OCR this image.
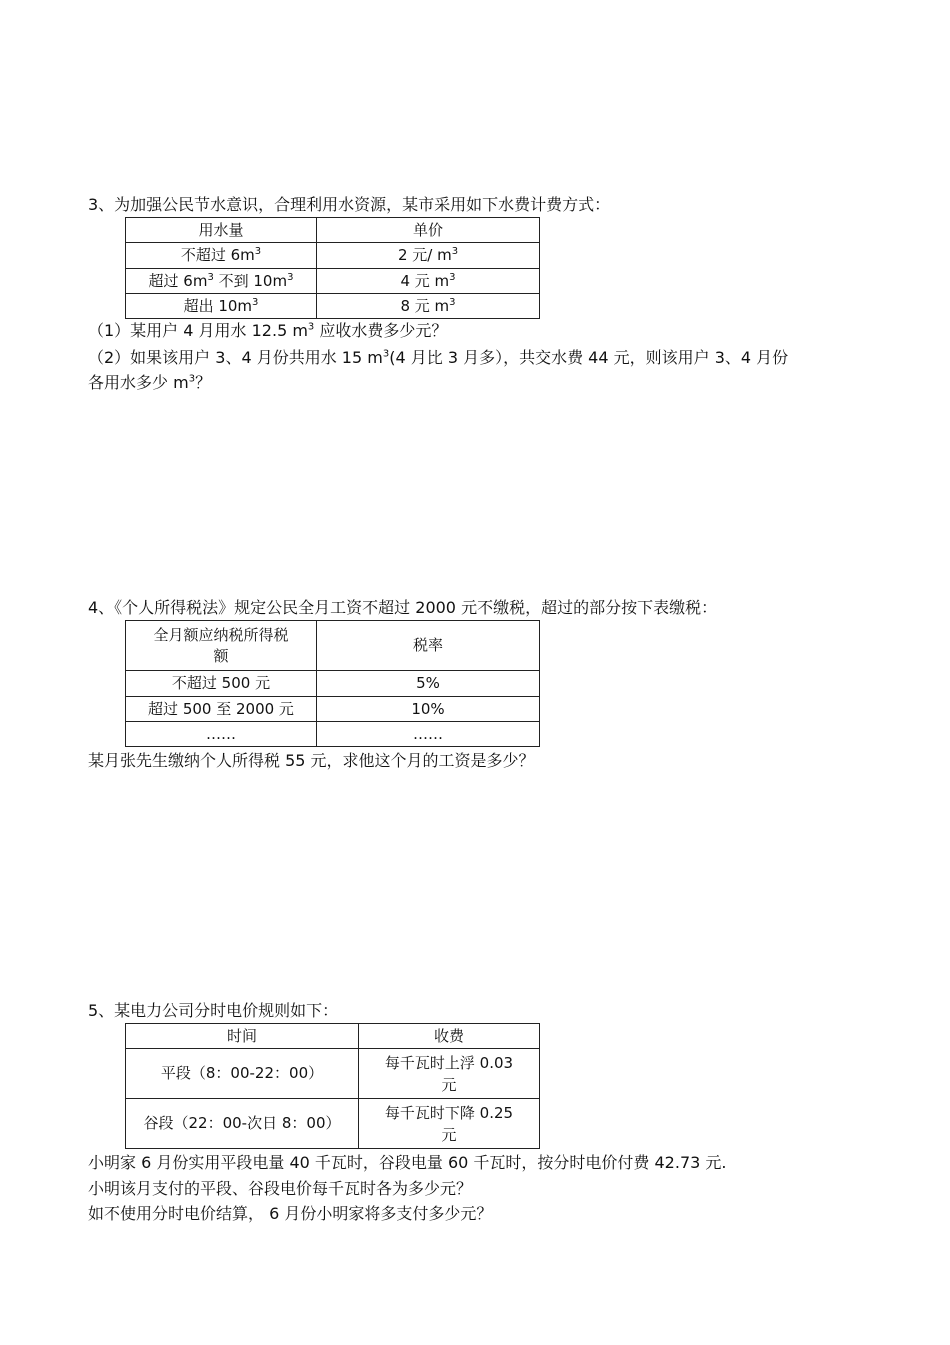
3、为加强公民节水意识，合理利用水资源，某市采用如下水费计费方式：
用水量	单价
不超过 $6m^3$	2 元/ $m^3$
超过 $6m^3$ 不到 $10m^3$	4 元 $m^3$
超出 $10m^3$	8 元 $m^3$
（1）某用户 4 月用水 12.5 $m^3$ 应收水费多少元？
（2）如果该用户 3、4 月份共用水 15 $m^3(4$ 月比 3 月多），共交水费 44 元，则该用户 3、4 月份
各用水多少 $m^3$？
4、《个人所得税法》规定公民全月工资不超过 2000 元不缴税，超过的部分按下表缴税：
全月额应纳税所得税
额	税率
不超过 500 元	5%
超过 500 至 2000 元	10%
……	……
某月张先生缴纳个人所得税 55 元，求他这个月的工资是多少？
5、某电力公司分时电价规则如下：
时间	收费
平段（8：00-22：00）	每千瓦时上浮 0.03
元
谷段（22：00-次日 8：00）	每千瓦时下降 0.25
元
小明家 6 月份实用平段电量 40 千瓦时，谷段电量 60 千瓦时，按分时电价付费 42.73 元.
小明该月支付的平段、谷段电价每千瓦时各为多少元？
如不使用分时电价结算， 6 月份小明家将多支付多少元？
